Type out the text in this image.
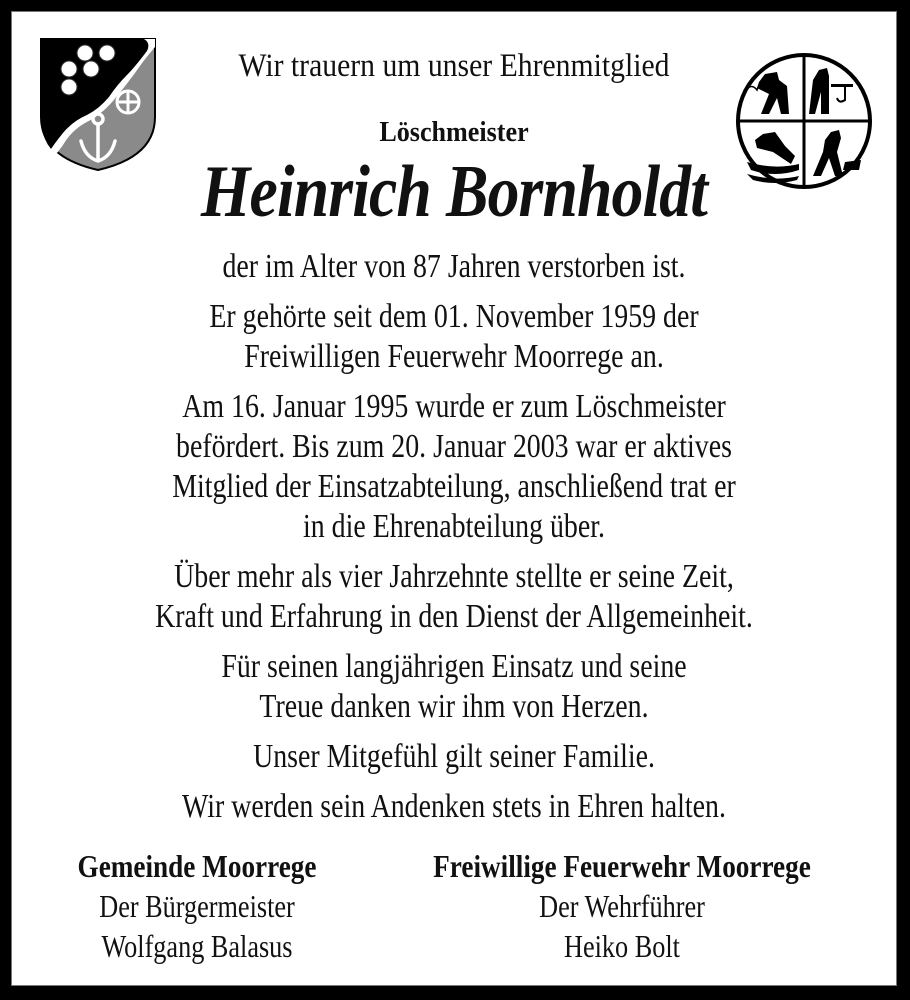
Wir trauern um unser Ehrenmitglied
Löschmeister
Heinrich Bornholdt
der im Alter von 87 Jahren verstorben ist.
Er gehörte seit dem 01. November 1959 der
Freiwilligen Feuerwehr Moorrege an.
Am 16. Januar 1995 wurde er zum Löschmeister
befördert. Bis zum 20. Januar 2003 war er aktives
Mitglied der Einsatzabteilung, anschließend trat er
in die Ehrenabteilung über.
Über mehr als vier Jahrzehnte stellte er seine Zeit,
Kraft und Erfahrung in den Dienst der Allgemeinheit.
Für seinen langjährigen Einsatz und seine
Treue danken wir ihm von Herzen.
Unser Mitgefühl gilt seiner Familie.
Wir werden sein Andenken stets in Ehren halten.
Gemeinde Moorrege
Der Bürgermeister
Wolfgang Balasus
Freiwillige Feuerwehr Moorrege
Der Wehrführer
Heiko Bolt
